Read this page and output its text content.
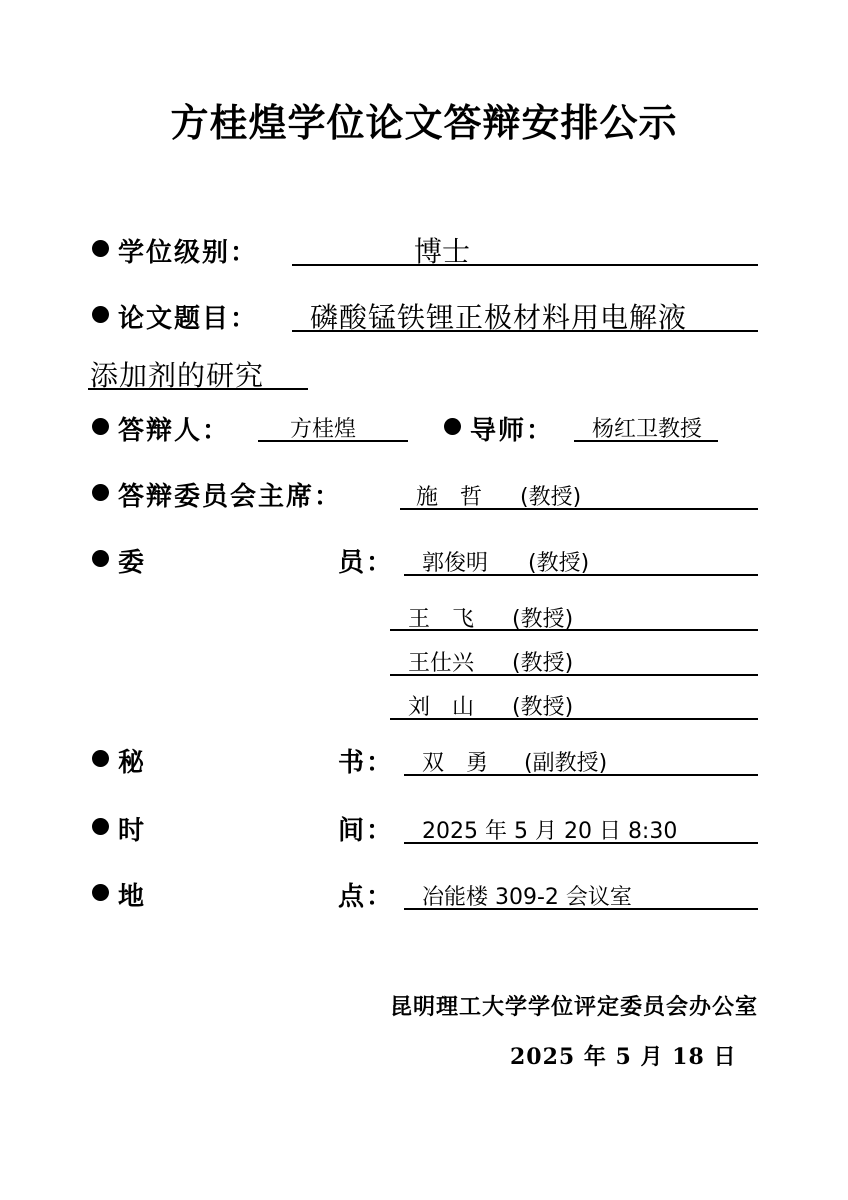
方桂煌学位论文答辩安排公示
学位级别：	博士
论文题目： 磷酸锰铁锂正极材料用电解液
添加剂的研究
答辩人：	方桂煌	导师： 杨红卫教授
答辩委员会主席：	施　哲 (教授)
委	员： 郭俊明 (教授)
王　飞 (教授)
王仕兴 (教授)
刘　山 (教授)
秘	书： 双　勇 (副教授)
时	间： 2025 年 5 月 20 日 8:30
地	点： 冶能楼 309-2 会议室
昆明理工大学学位评定委员会办公室
2025 年 5 月 18 日
